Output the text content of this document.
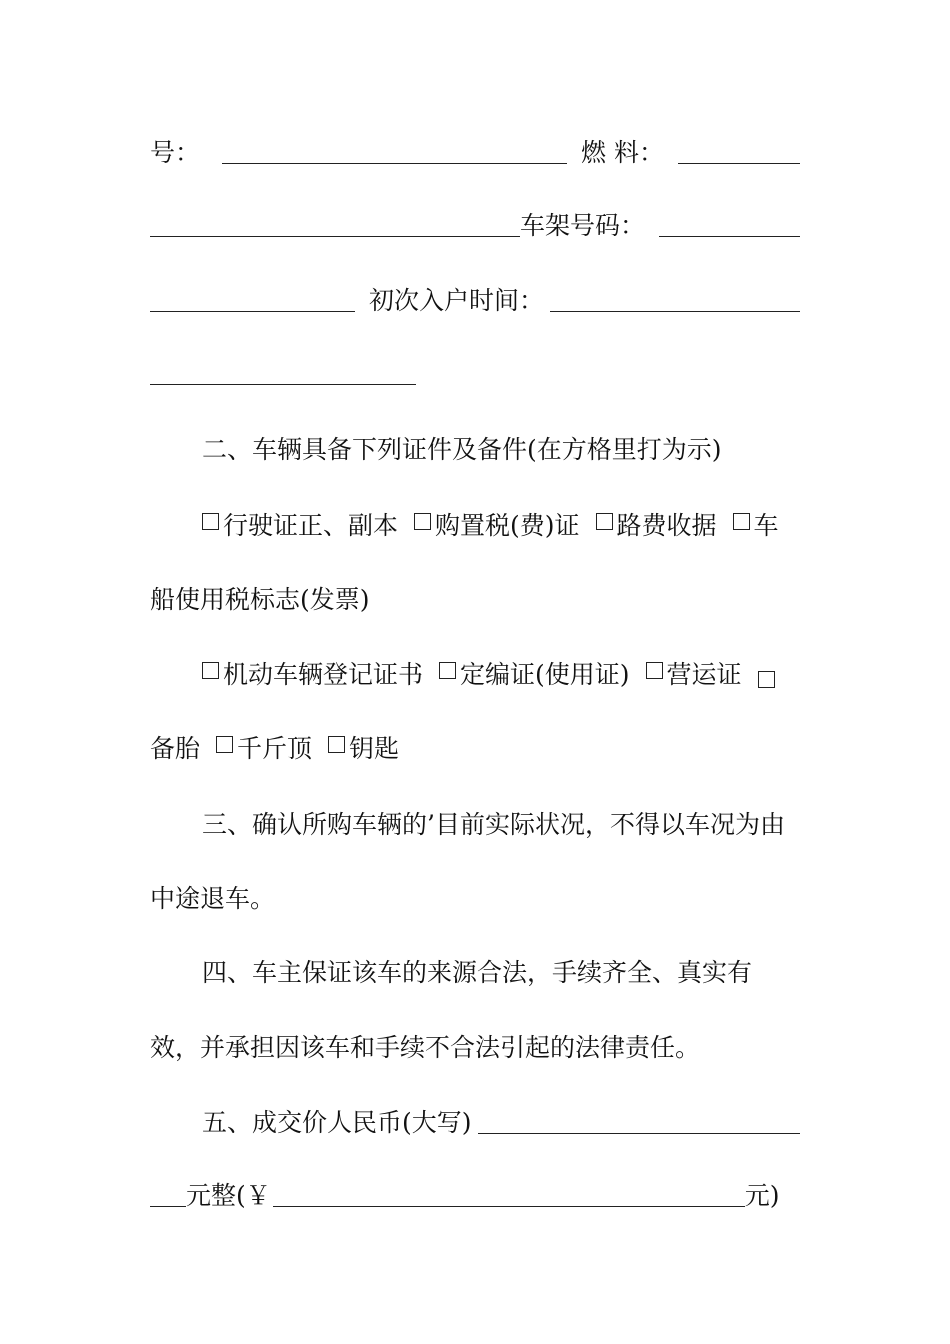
号：	燃 料：
车架号码：
初次入户时间：
二、车辆具备下列证件及备件(在方格里打为示)
行驶证正、副本 购置税(费)证 路费收据 车
船使用税标志(发票)
机动车辆登记证书 定编证(使用证) 营运证
备胎 千斤顶 钥匙
三、确认所购车辆的’目前实际状况，不得以车况为由
中途退车。
四、车主保证该车的来源合法，手续齐全、真实有
效，并承担因该车和手续不合法引起的法律责任。
五、成交价人民币(大写)
元整(￥	元)
